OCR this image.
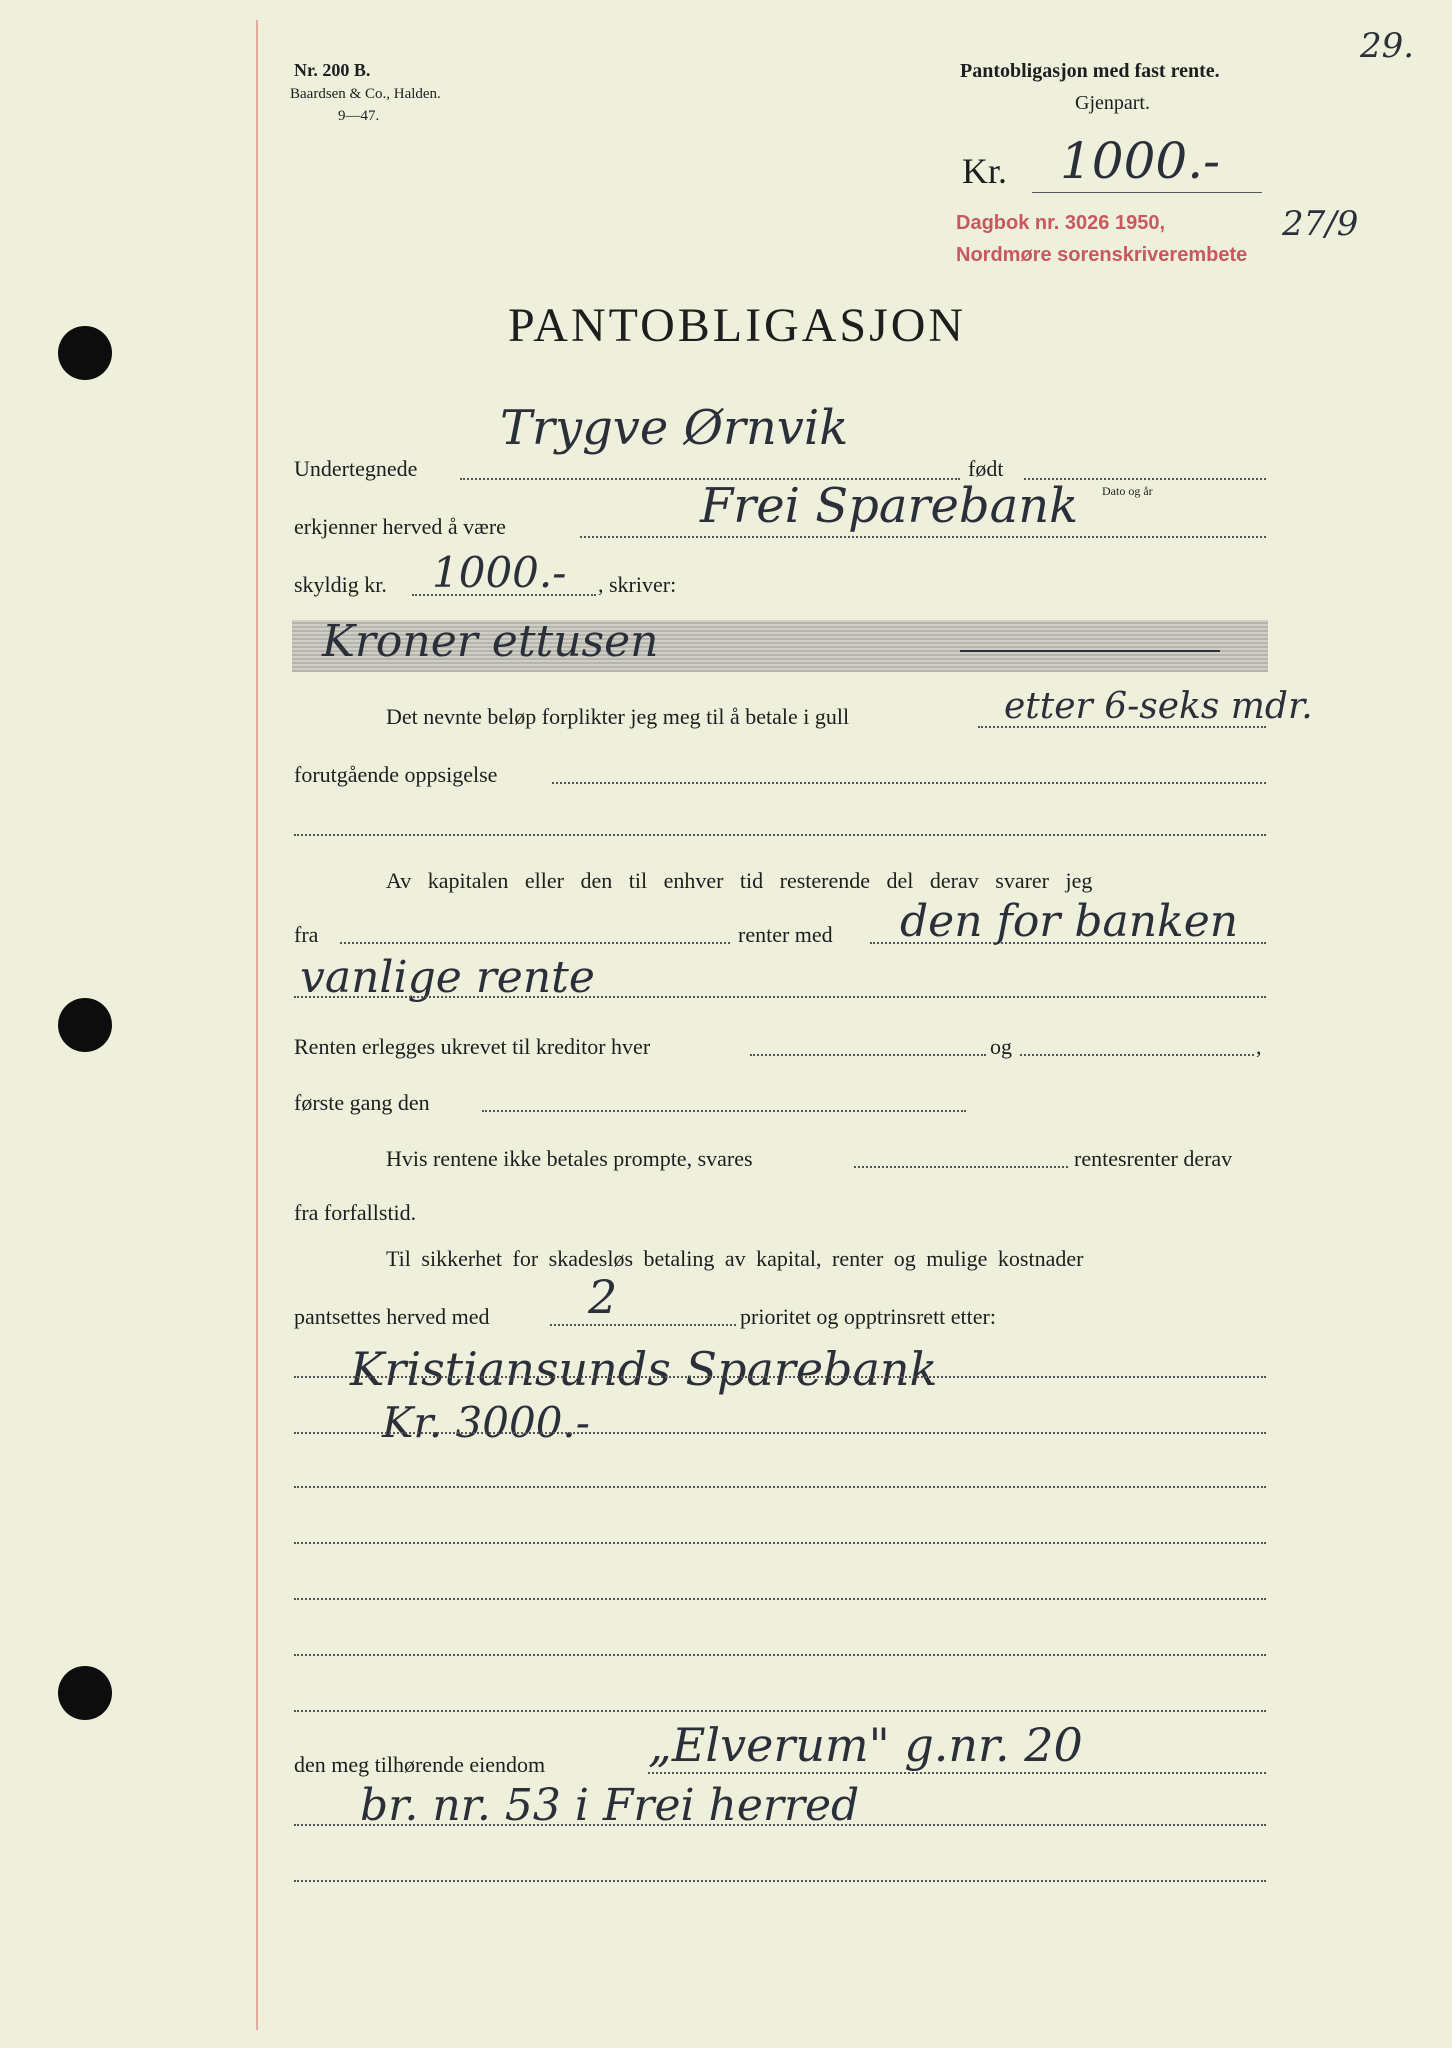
29.
Nr. 200 B.
Baardsen & Co., Halden.
9—47.
Pantobligasjon med fast rente.
Gjenpart.
Kr. 1000.-
Dagbok nr. 3026 1950,
Nordmøre sorenskriverembete
27/9
PANTOBLIGASJON
Undertegnede
Trygve Ørnvik
født
Dato og år
erkjenner herved å være	Frei Sparebank
skyldig kr. 1000.- , skriver:
Kroner ettusen
Det nevnte beløp forplikter jeg meg til å betale i gull	etter 6-seks mdr.
forutgående oppsigelse
Av kapitalen eller den til enhver tid resterende del derav svarer jeg
fra	renter med den for banken
vanlige rente
Renten erlegges ukrevet til kreditor hver	og	,
første gang den
Hvis rentene ikke betales prompte, svares	rentesrenter derav
fra forfallstid.
Til sikkerhet for skadesløs betaling av kapital, renter og mulige kostnader
pantsettes herved med 2	prioritet og opptrinsrett etter:
Kristiansunds Sparebank
Kr. 3000.-
den meg tilhørende eiendom „Elverum" g.nr. 20
br. nr. 53 i Frei herred
